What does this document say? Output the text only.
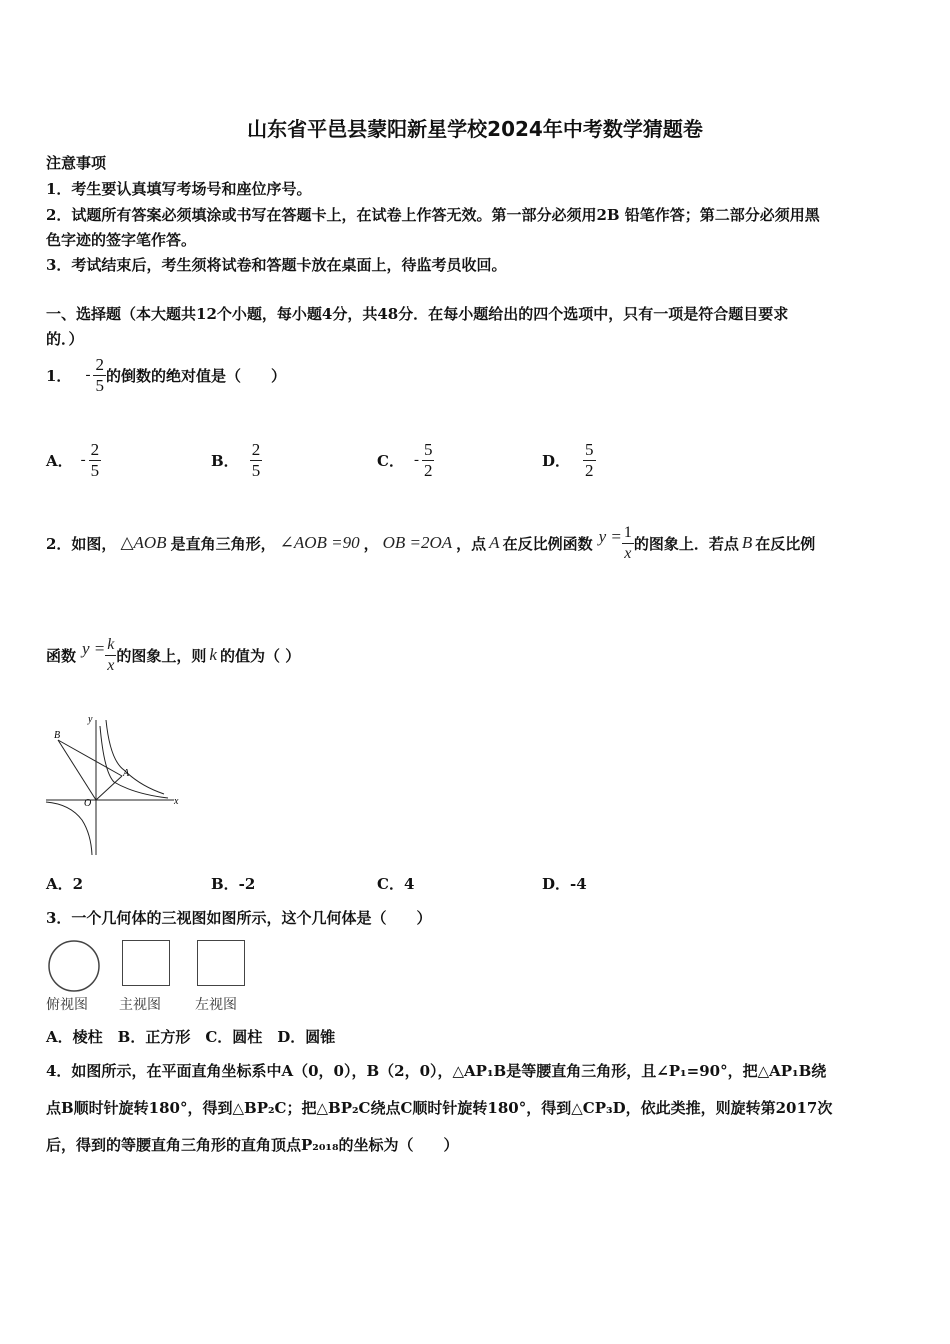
山东省平邑县蒙阳新星学校2024年中考数学猜题卷
注意事项
1．考生要认真填写考场号和座位序号。
2．试题所有答案必须填涂或书写在答题卡上，在试卷上作答无效。第一部分必须用2B 铅笔作答；第二部分必须用黑
色字迹的签字笔作答。
3．考试结束后，考生须将试卷和答题卡放在桌面上，待监考员收回。
一、选择题（本大题共12个小题，每小题4分，共48分．在每小题给出的四个选项中，只有一项是符合题目要求
的．）
1． - $\frac{2}{5}$ 的倒数的绝对值是（　　）
A． - $\frac{2}{5}$	B． $\frac{2}{5}$	C． - $\frac{5}{2}$	D． $\frac{5}{2}$
2．如图， △AOB 是直角三角形， ∠AOB =90 ， OB =2OA ，点 A 在反比例函数 $y = \frac{1}{x}$ 的图象上．若点 B 在反比例
函数 $y = \frac{k}{x}$ 的图象上，则 k 的值为（ ）
y
x
O
A
B
A．2	B．-2	C．4	D．-4
3．一个几何体的三视图如图所示，这个几何体是（　　）
俯视图 主视图 左视图
A．棱柱　B．正方形　C．圆柱　D．圆锥
4．如图所示，在平面直角坐标系中A（0，0），B（2，0），△AP₁B是等腰直角三角形，且∠P₁=90°，把△AP₁B绕
点B顺时针旋转180°，得到△BP₂C；把△BP₂C绕点C顺时针旋转180°，得到△CP₃D，依此类推，则旋转第2017次
后，得到的等腰直角三角形的直角顶点P₂₀₁₈的坐标为（　　）
